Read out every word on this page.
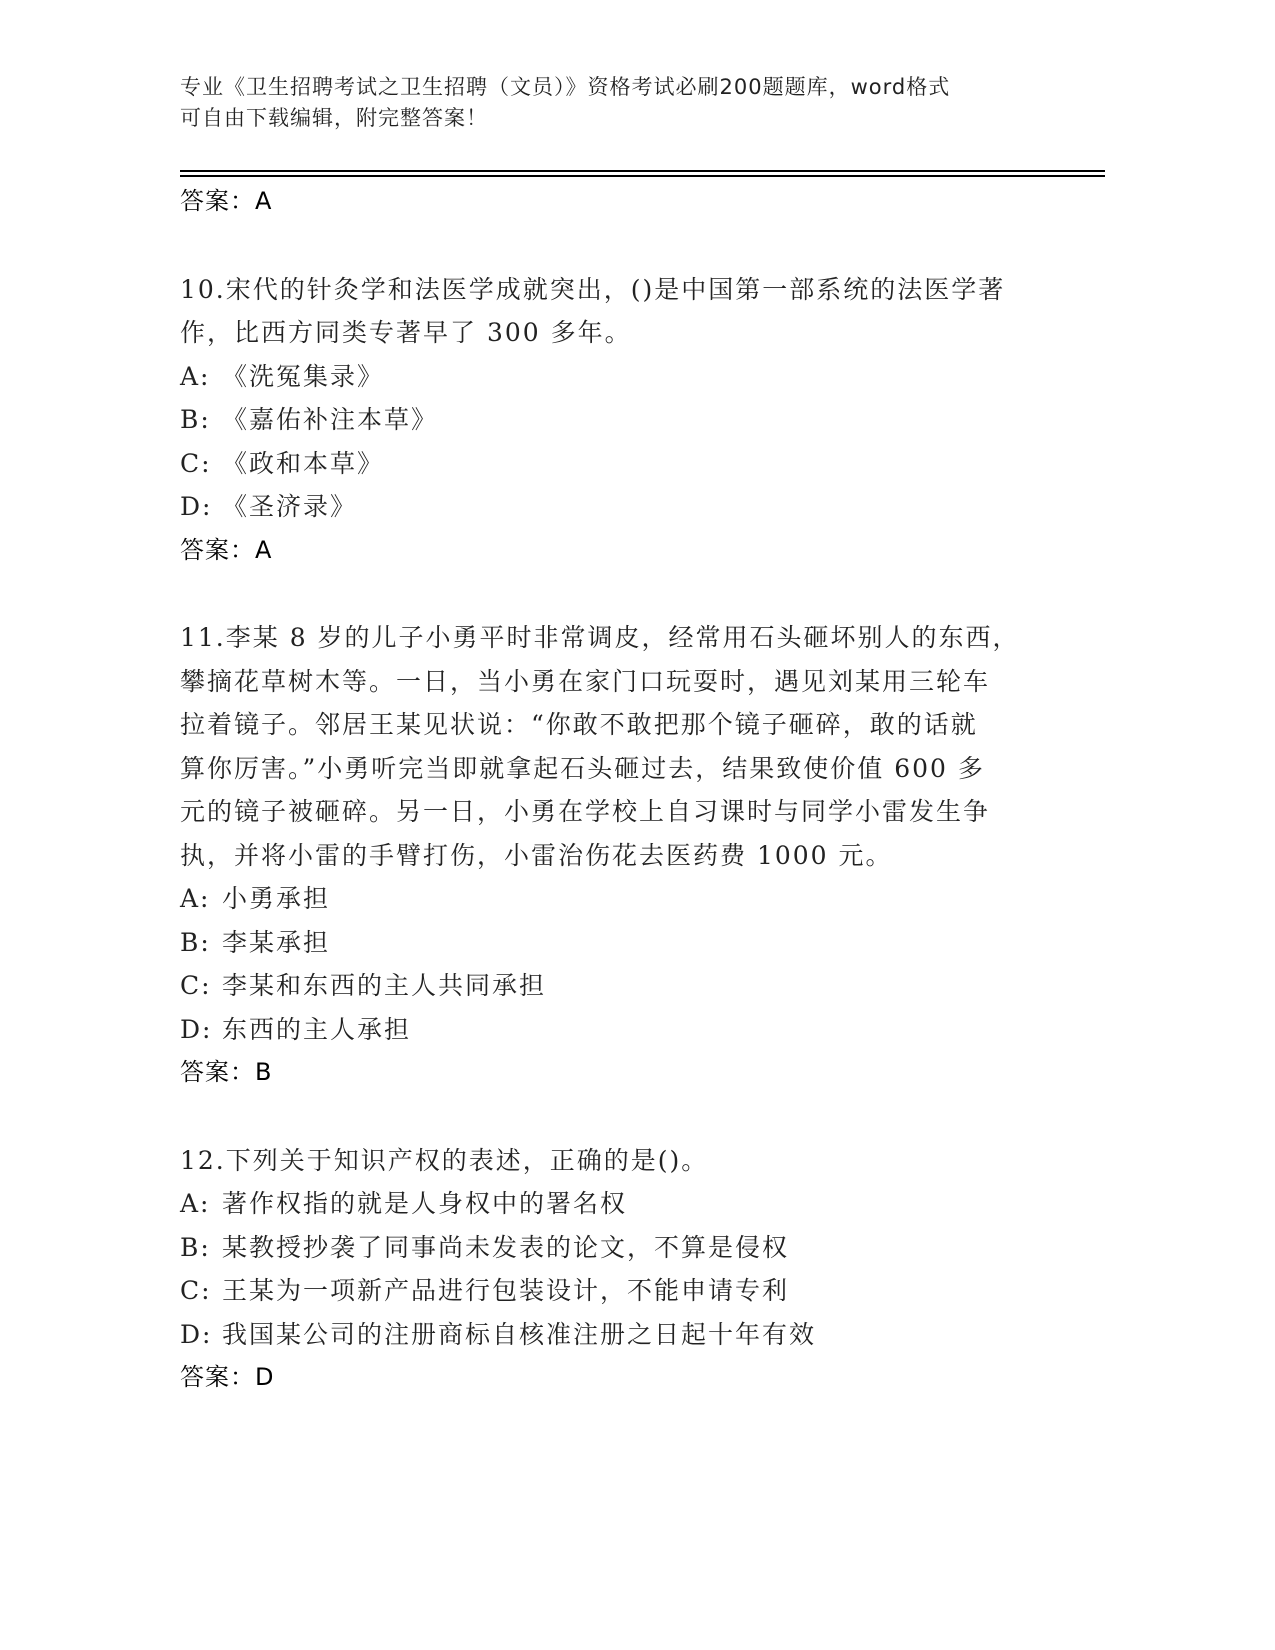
专业《卫生招聘考试之卫生招聘（文员）》资格考试必刷200题题库，word格式
可自由下载编辑，附完整答案！
答案：A
10.宋代的针灸学和法医学成就突出，()是中国第一部系统的法医学著
作，比西方同类专著早了 300 多年。
A: 《洗冤集录》
B: 《嘉佑补注本草》
C: 《政和本草》
D: 《圣济录》
答案：A
11.李某 8 岁的儿子小勇平时非常调皮，经常用石头砸坏别人的东西，
攀摘花草树木等。一日，当小勇在家门口玩耍时，遇见刘某用三轮车
拉着镜子。邻居王某见状说：“你敢不敢把那个镜子砸碎，敢的话就
算你厉害。”小勇听完当即就拿起石头砸过去，结果致使价值 600 多
元的镜子被砸碎。另一日，小勇在学校上自习课时与同学小雷发生争
执，并将小雷的手臂打伤，小雷治伤花去医药费 1000 元。
A: 小勇承担
B: 李某承担
C: 李某和东西的主人共同承担
D: 东西的主人承担
答案：B
12.下列关于知识产权的表述，正确的是()。
A: 著作权指的就是人身权中的署名权
B: 某教授抄袭了同事尚未发表的论文，不算是侵权
C: 王某为一项新产品进行包装设计，不能申请专利
D: 我国某公司的注册商标自核准注册之日起十年有效
答案：D
